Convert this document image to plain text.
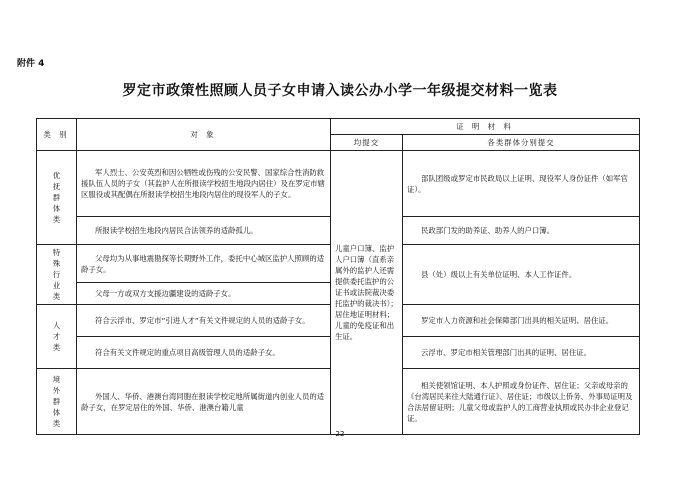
附件 4
罗定市政策性照顾人员子女申请入读公办小学一年级提交材料一览表
类 别	对 象	证 明 材 料	
		均提交	各类群体分别提交

优抚群体类	军人烈士、公安英烈和因公牺牲或伤残的公安民警、国家综合性消防救援队伍人员的子女（其监护人在所报读学校招生地段内居住）及在罗定市辖区服役或其配偶在所报读学校招生地段内居住的现役军人的子女。	儿童户口簿、监护人户口簿（直系亲属外的监护人还需提供委托监护的公证书或法院裁决委托监护的裁决书）；居住地证明材料；儿童的免疫证和出生证。	部队团级或罗定市民政局以上证明、现役军人身份证件（如军官证）。
	所报读学校招生地段内居民合法领养的适龄孤儿。		民政部门发的助养证、助养人的户口簿。

特殊行业类	父母均为从事地震勘探等长期野外工作，委托中心城区监护人照顾的适龄子女。		县（处）级以上有关单位证明、本人工作证件。
	父母一方或双方支援边疆建设的适龄子女。		

人才类	符合云浮市、罗定市“引进人才”有关文件规定的人员的适龄子女。		罗定市人力资源和社会保障部门出具的相关证明、居住证。
	符合有关文件规定的重点项目高级管理人员的适龄子女。		云浮市、罗定市相关管理部门出具的证明、居住证。

境外群体类	外国人、华侨、港澳台湾同胞在报读学校定地所属街道内创业人员的适龄子女，在罗定居住的外国、华侨、港澳台籍儿童		相关使领馆证明、本人护照或身份证件、居住证；父亲或母亲的《台湾居民来往大陆通行证》、居住证；市级以上侨务、外事局证明及合法居留证明；儿童父母或监护人的工商营业执照或民办非企业登记证。
22
